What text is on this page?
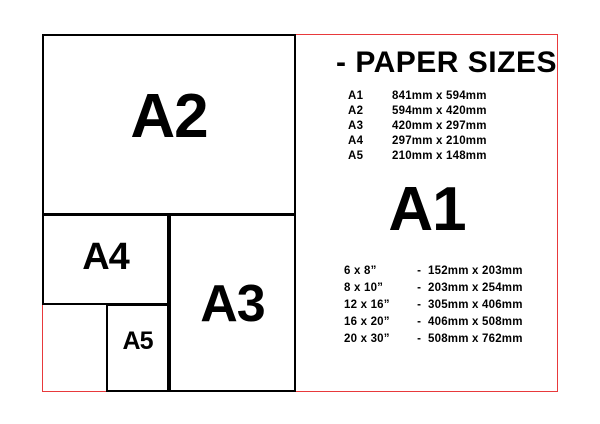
A2
A3
A4
A5
- PAPER SIZES
A1	841mm x 594mm
A2	594mm x 420mm
A3	420mm x 297mm
A4	297mm x 210mm
A5	210mm x 148mm
A1
6 x 8”	-	152mm x 203mm
8 x 10”	-	203mm x 254mm
12 x 16”	-	305mm x 406mm
16 x 20”	-	406mm x 508mm
20 x 30”	-	508mm x 762mm
